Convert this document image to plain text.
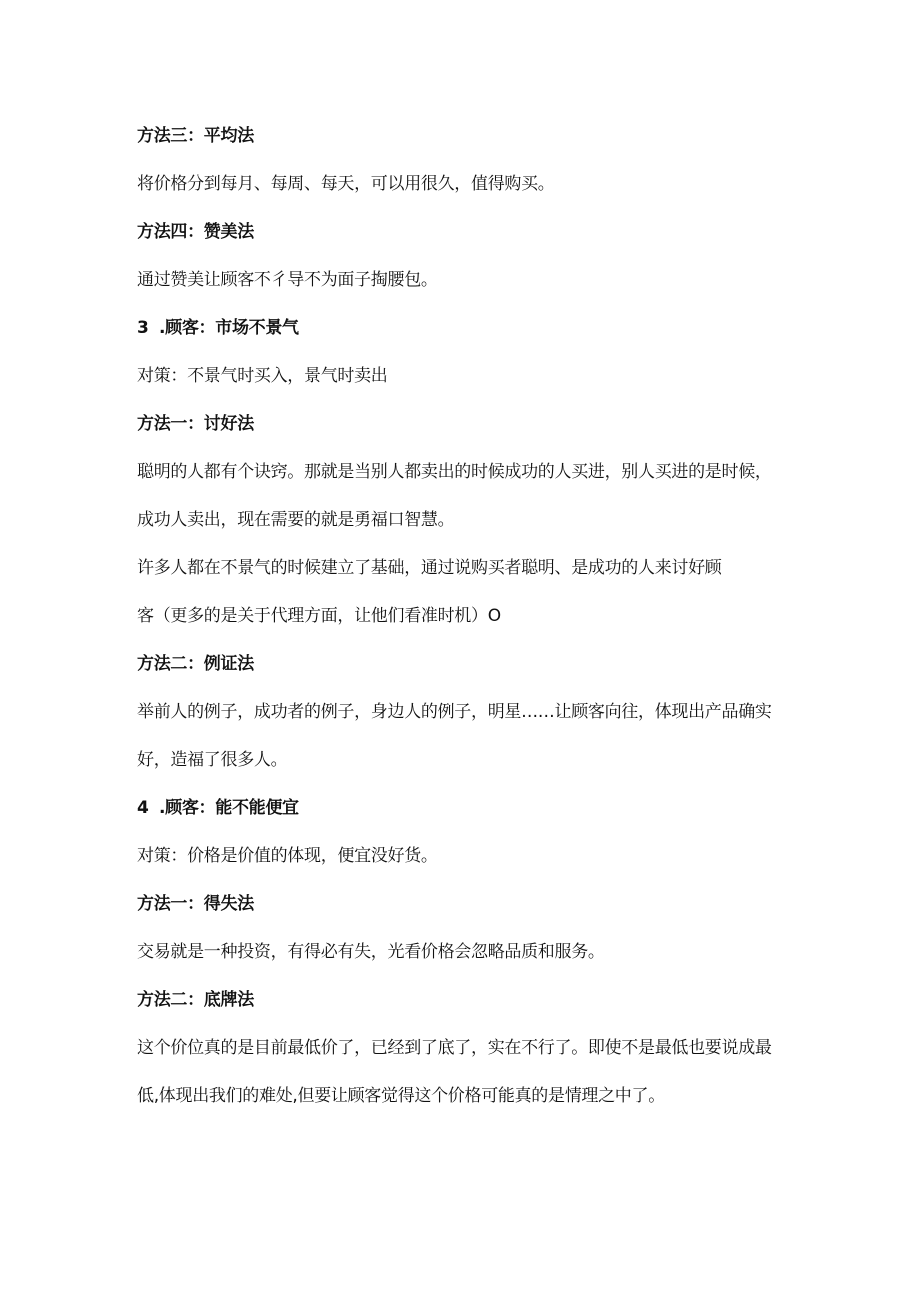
方法三：平均法
将价格分到每月、每周、每天，可以用很久，值得购买。
方法四：赞美法
通过赞美让顾客不彳导不为面子掏腰包。
3 .顾客：市场不景气
对策：不景气时买入，景气时卖出
方法一：讨好法
聪明的人都有个诀窍。那就是当别人都卖出的时候成功的人买进，别人买进的是时候，
成功人卖出，现在需要的就是勇福口智慧。
许多人都在不景气的时候建立了基础，通过说购买者聪明、是成功的人来讨好顾
客（更多的是关于代理方面，让他们看准时机）O
方法二：例证法
举前人的例子，成功者的例子，身边人的例子，明星……让顾客向往，体现出产品确实
好，造福了很多人。
4 .顾客：能不能便宜
对策：价格是价值的体现，便宜没好货。
方法一：得失法
交易就是一种投资，有得必有失，光看价格会忽略品质和服务。
方法二：底牌法
这个价位真的是目前最低价了，已经到了底了，实在不行了。即使不是最低也要说成最
低,体现出我们的难处,但要让顾客觉得这个价格可能真的是情理之中了。
